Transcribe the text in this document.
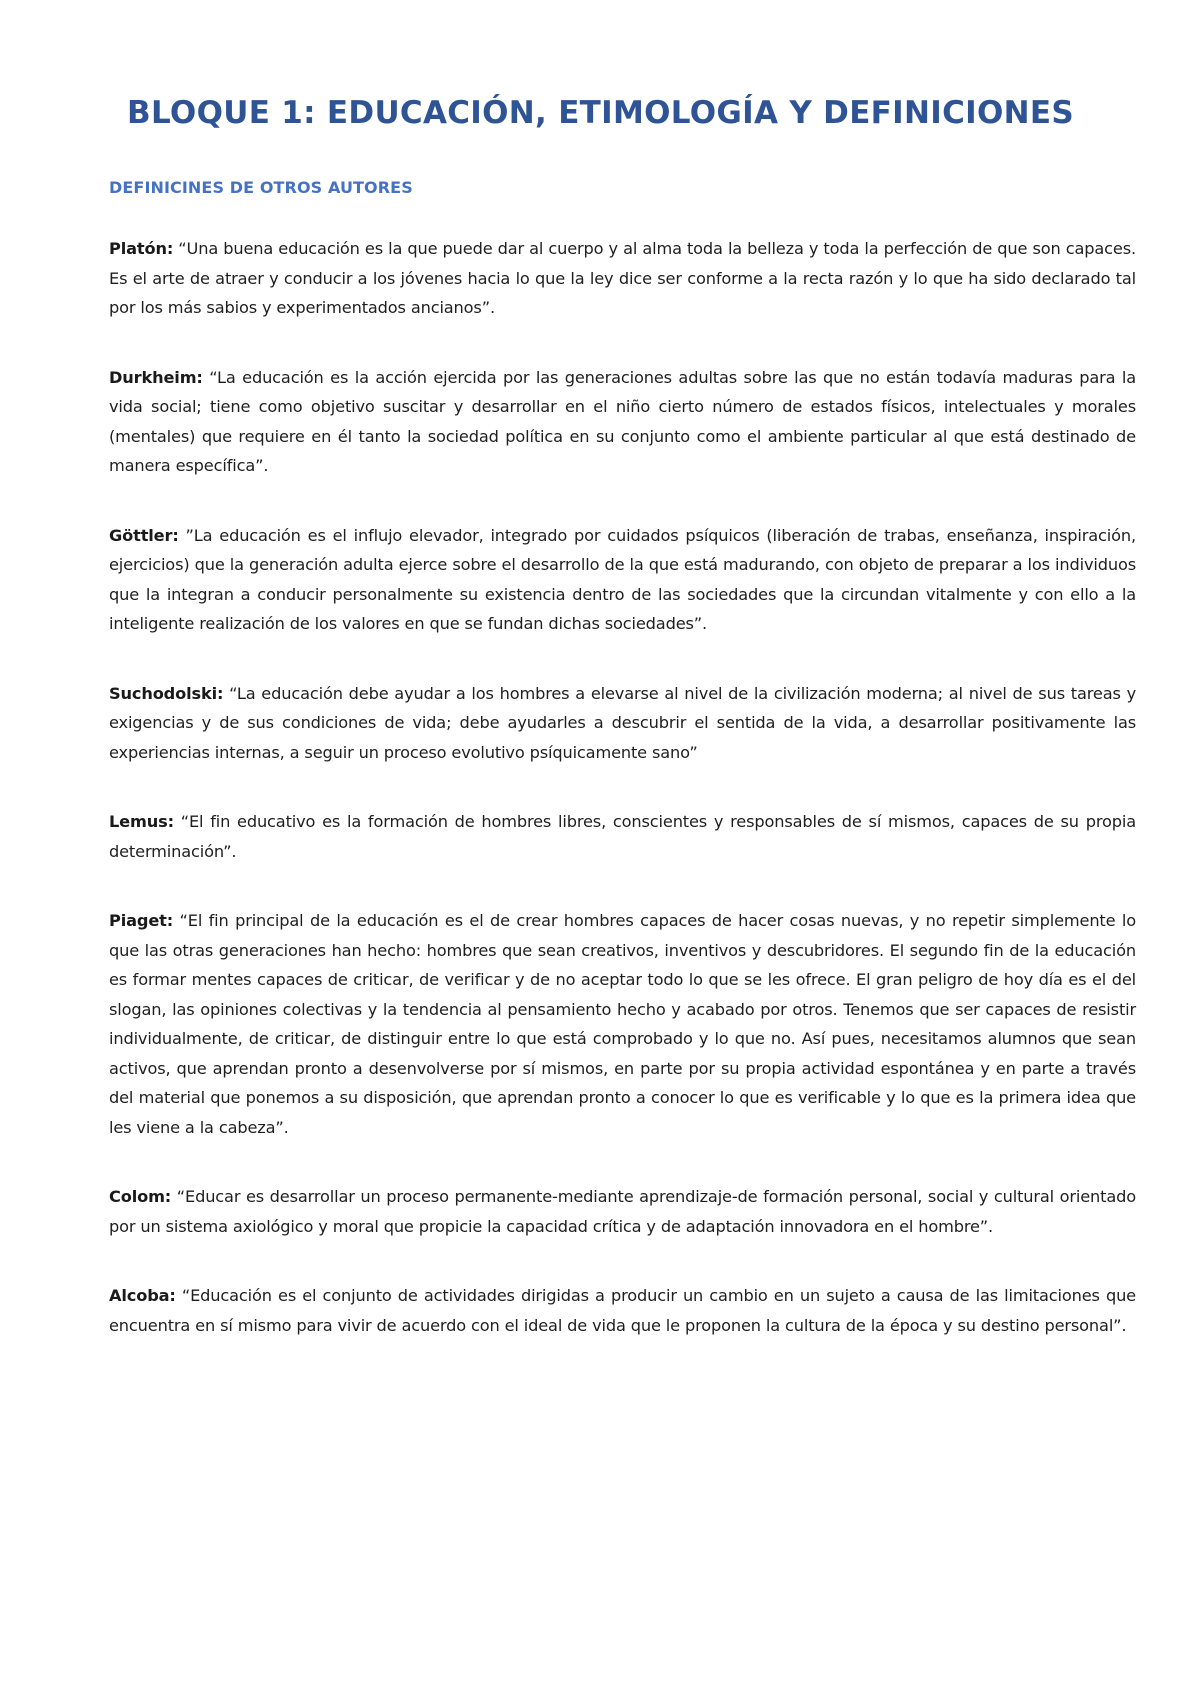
BLOQUE 1: EDUCACIÓN, ETIMOLOGÍA Y DEFINICIONES
DEFINICINES DE OTROS AUTORES

Platón: “Una buena educación es la que puede dar al cuerpo y al alma toda la belleza y toda la perfección de que son capaces. Es el arte de atraer y conducir a los jóvenes hacia lo que la ley dice ser conforme a la recta razón y lo que ha sido declarado tal por los más sabios y experimentados ancianos”.

Durkheim: “La educación es la acción ejercida por las generaciones adultas sobre las que no están todavía maduras para la vida social; tiene como objetivo suscitar y desarrollar en el niño cierto número de estados físicos, intelectuales y morales (mentales) que requiere en él tanto la sociedad política en su conjunto como el ambiente particular al que está destinado de manera específica”.

Göttler: ”La educación es el influjo elevador, integrado por cuidados psíquicos (liberación de trabas, enseñanza, inspiración, ejercicios) que la generación adulta ejerce sobre el desarrollo de la que está madurando, con objeto de preparar a los individuos que la integran a conducir personalmente su existencia dentro de las sociedades que la circundan vitalmente y con ello a la inteligente realización de los valores en que se fundan dichas sociedades”.

Suchodolski: “La educación debe ayudar a los hombres a elevarse al nivel de la civilización moderna; al nivel de sus tareas y exigencias y de sus condiciones de vida; debe ayudarles a descubrir el sentida de la vida, a desarrollar positivamente las experiencias internas, a seguir un proceso evolutivo psíquicamente sano”

Lemus: “El fin educativo es la formación de hombres libres, conscientes y responsables de sí mismos, capaces de su propia determinación”.

Piaget: “El fin principal de la educación es el de crear hombres capaces de hacer cosas nuevas, y no repetir simplemente lo que las otras generaciones han hecho: hombres que sean creativos, inventivos y descubridores. El segundo fin de la educación es formar mentes capaces de criticar, de verificar y de no aceptar todo lo que se les ofrece. El gran peligro de hoy día es el del slogan, las opiniones colectivas y la tendencia al pensamiento hecho y acabado por otros. Tenemos que ser capaces de resistir individualmente, de criticar, de distinguir entre lo que está comprobado y lo que no. Así pues, necesitamos alumnos que sean activos, que aprendan pronto a desenvolverse por sí mismos, en parte por su propia actividad espontánea y en parte a través del material que ponemos a su disposición, que aprendan pronto a conocer lo que es verificable y lo que es la primera idea que les viene a la cabeza”.

Colom: “Educar es desarrollar un proceso permanente-mediante aprendizaje-de formación personal, social y cultural orientado por un sistema axiológico y moral que propicie la capacidad crítica y de adaptación innovadora en el hombre”.

Alcoba: “Educación es el conjunto de actividades dirigidas a producir un cambio en un sujeto a causa de las limitaciones que encuentra en sí mismo para vivir de acuerdo con el ideal de vida que le proponen la cultura de la época y su destino personal”.
